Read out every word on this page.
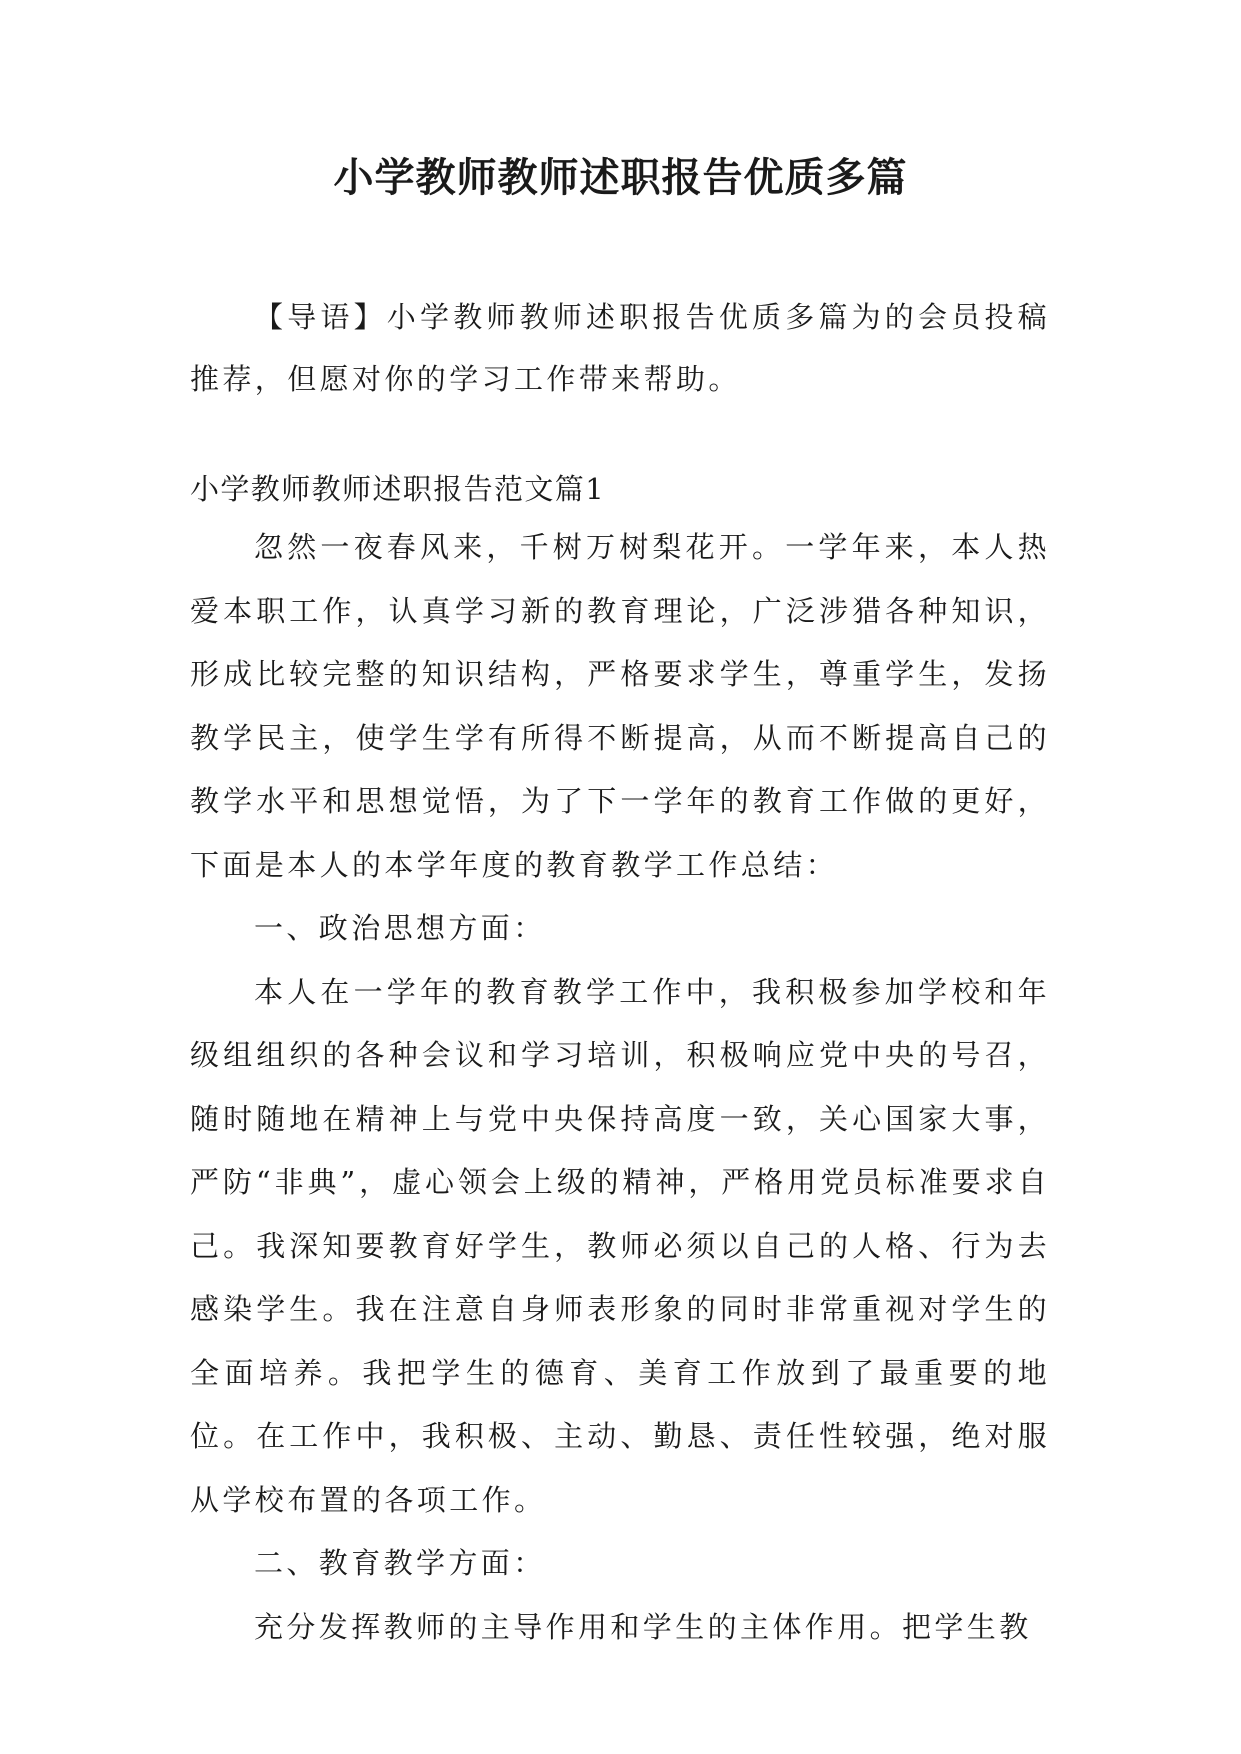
小学教师教师述职报告优质多篇

【导语】小学教师教师述职报告优质多篇为的会员投稿推荐，但愿对你的学习工作带来帮助。

小学教师教师述职报告范文篇1

忽然一夜春风来，千树万树梨花开。一学年来，本人热爱本职工作，认真学习新的教育理论，广泛涉猎各种知识，形成比较完整的知识结构，严格要求学生，尊重学生，发扬教学民主，使学生学有所得不断提高，从而不断提高自己的教学水平和思想觉悟，为了下一学年的教育工作做的更好，下面是本人的本学年度的教育教学工作总结：

一、政治思想方面：

本人在一学年的教育教学工作中，我积极参加学校和年级组组织的各种会议和学习培训，积极响应党中央的号召，随时随地在精神上与党中央保持高度一致，关心国家大事，严防“非典”，虚心领会上级的精神，严格用党员标准要求自己。我深知要教育好学生，教师必须以自己的人格、行为去感染学生。我在注意自身师表形象的同时非常重视对学生的全面培养。我把学生的德育、美育工作放到了最重要的地位。在工作中，我积极、主动、勤恳、责任性较强，绝对服从学校布置的各项工作。

二、教育教学方面：

充分发挥教师的主导作用和学生的主体作用。把学生教
